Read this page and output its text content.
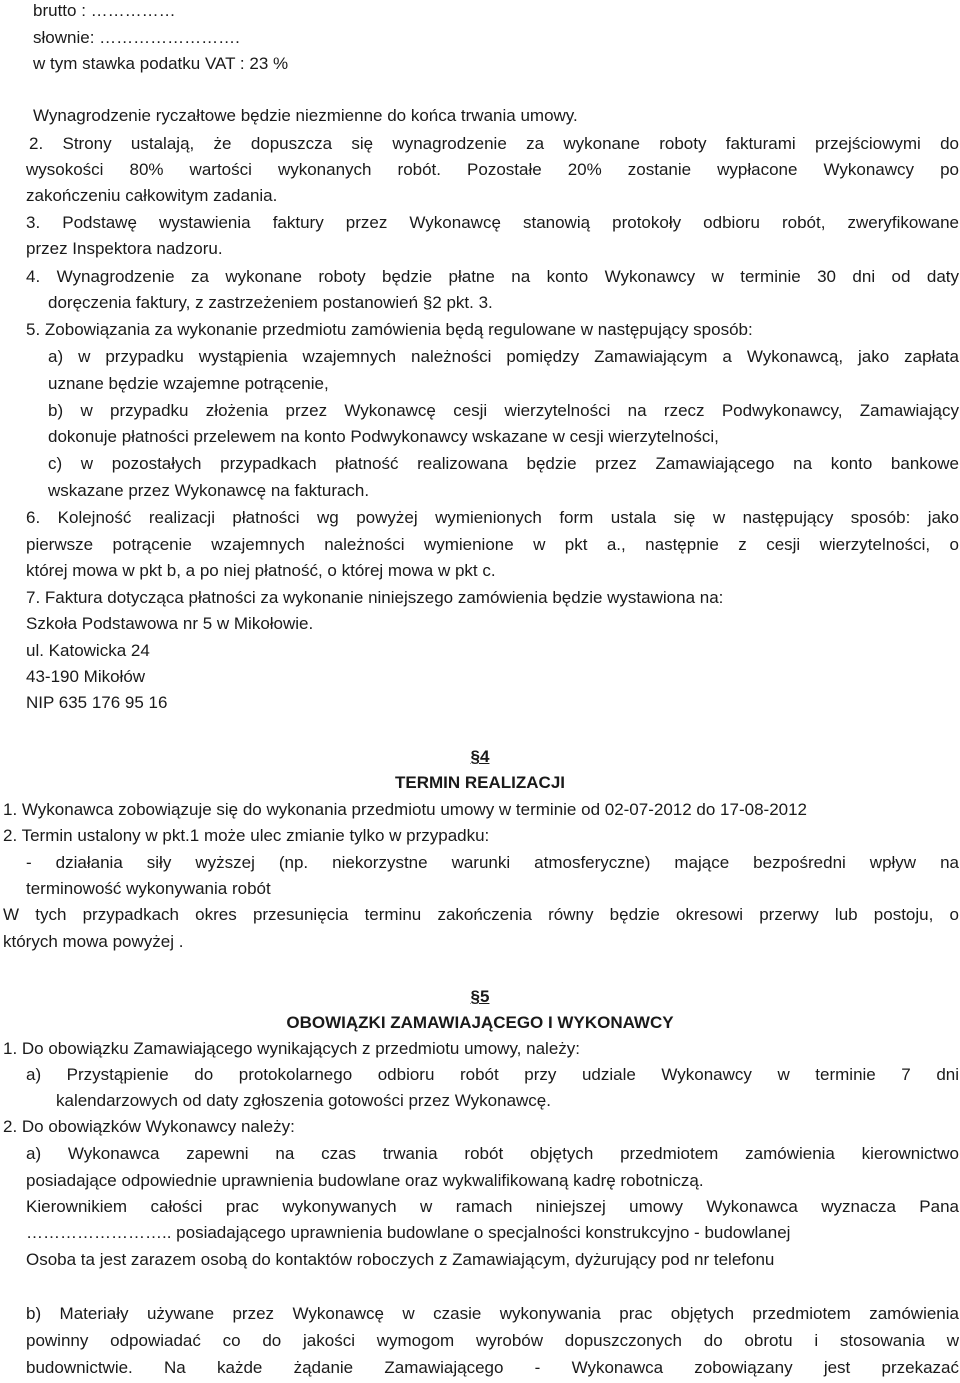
brutto : ……………
słownie: …………………….
w tym stawka podatku VAT : 23 %
Wynagrodzenie ryczałtowe będzie niezmienne do końca trwania umowy.
2. Strony ustalają, że dopuszcza się wynagrodzenie za wykonane roboty fakturami przejściowymi do
wysokości 80% wartości wykonanych robót. Pozostałe 20% zostanie wypłacone Wykonawcy po
zakończeniu całkowitym zadania.
3. Podstawę wystawienia faktury przez Wykonawcę stanowią protokoły odbioru robót, zweryfikowane
przez Inspektora nadzoru.
4. Wynagrodzenie za wykonane roboty będzie płatne na konto Wykonawcy w terminie 30 dni od daty
doręczenia faktury, z zastrzeżeniem postanowień §2 pkt. 3.
5. Zobowiązania za wykonanie przedmiotu zamówienia będą regulowane w następujący sposób:
a) w przypadku wystąpienia wzajemnych należności pomiędzy Zamawiającym a Wykonawcą, jako zapłata
uznane będzie wzajemne potrącenie,
b) w przypadku złożenia przez Wykonawcę cesji wierzytelności na rzecz Podwykonawcy, Zamawiający
dokonuje płatności przelewem na konto Podwykonawcy wskazane w cesji wierzytelności,
c) w pozostałych przypadkach płatność realizowana będzie przez Zamawiającego na konto bankowe
wskazane przez Wykonawcę na fakturach.
6. Kolejność realizacji płatności wg powyżej wymienionych form ustala się w następujący sposób: jako
pierwsze potrącenie wzajemnych należności wymienione w pkt a., następnie z cesji wierzytelności, o
której mowa w pkt b, a po niej płatność, o której mowa w pkt c.
7. Faktura dotycząca płatności za wykonanie niniejszego zamówienia będzie wystawiona na:
Szkoła Podstawowa nr 5 w Mikołowie.
ul. Katowicka 24
43-190 Mikołów
NIP 635 176 95 16
§4
TERMIN REALIZACJI
1. Wykonawca zobowiązuje się do wykonania przedmiotu umowy w terminie od 02-07-2012 do 17-08-2012
2. Termin ustalony w pkt.1 może ulec zmianie tylko w przypadku:
- działania siły wyższej (np. niekorzystne warunki atmosferyczne) mające bezpośredni wpływ na
terminowość wykonywania robót
W tych przypadkach okres przesunięcia terminu zakończenia równy będzie okresowi przerwy lub postoju, o
których mowa powyżej .
§5
OBOWIĄZKI ZAMAWIAJĄCEGO I WYKONAWCY
1. Do obowiązku Zamawiającego wynikających z przedmiotu umowy, należy:
a) Przystąpienie do protokolarnego odbioru robót przy udziale Wykonawcy w terminie 7 dni
kalendarzowych od daty zgłoszenia gotowości przez Wykonawcę.
2. Do obowiązków Wykonawcy należy:
a) Wykonawca zapewni na czas trwania robót objętych przedmiotem zamówienia kierownictwo
posiadające odpowiednie uprawnienia budowlane oraz wykwalifikowaną kadrę robotniczą.
Kierownikiem całości prac wykonywanych w ramach niniejszej umowy Wykonawca wyznacza Pana
…………………….. posiadającego uprawnienia budowlane o specjalności konstrukcyjno - budowlanej
Osoba ta jest zarazem osobą do kontaktów roboczych z Zamawiającym, dyżurujący pod nr telefonu
b) Materiały używane przez Wykonawcę w czasie wykonywania prac objętych przedmiotem zamówienia
powinny odpowiadać co do jakości wymogom wyrobów dopuszczonych do obrotu i stosowania w
budownictwie. Na każde żądanie Zamawiającego - Wykonawca zobowiązany jest przekazać
